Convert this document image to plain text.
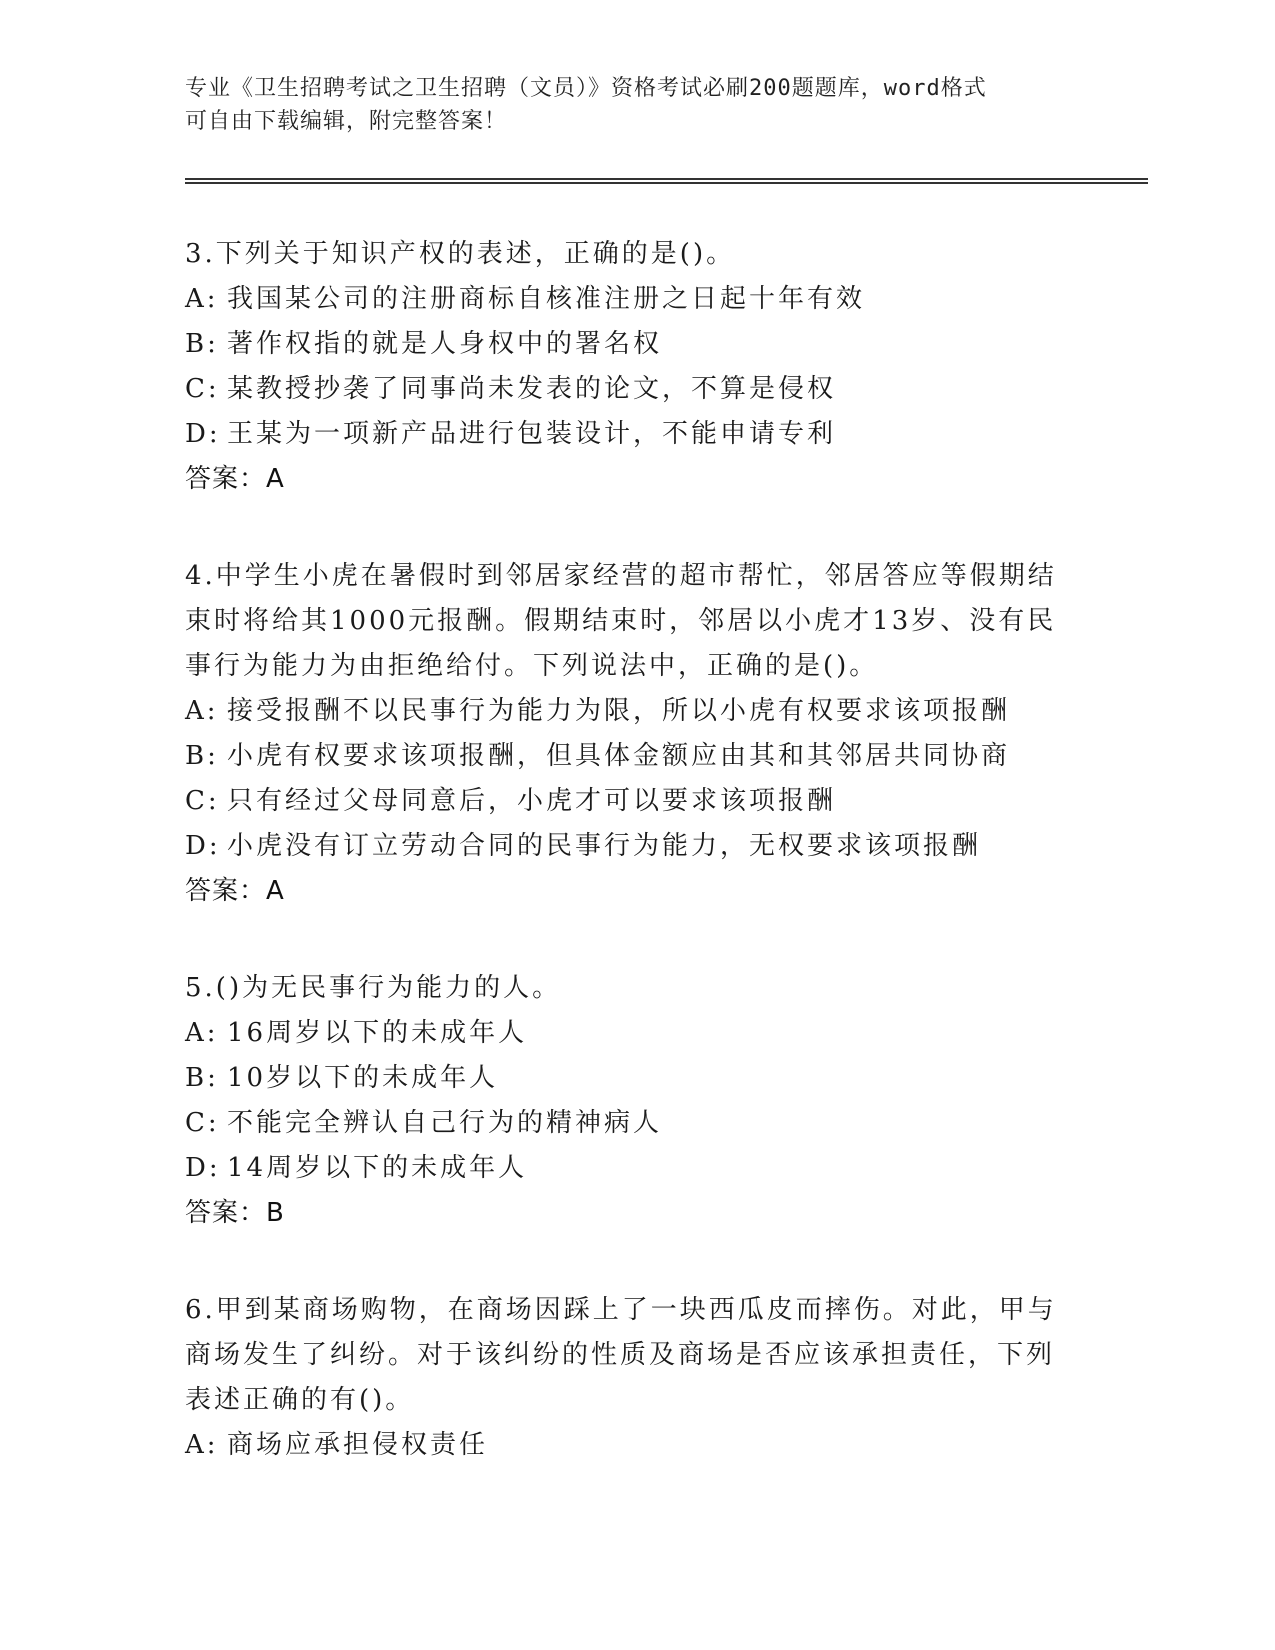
专业《卫生招聘考试之卫生招聘（文员）》资格考试必刷200题题库，word格式
可自由下载编辑，附完整答案！
3.下列关于知识产权的表述，正确的是()。
A: 我国某公司的注册商标自核准注册之日起十年有效
B: 著作权指的就是人身权中的署名权
C: 某教授抄袭了同事尚未发表的论文，不算是侵权
D: 王某为一项新产品进行包装设计，不能申请专利
答案：A
4.中学生小虎在暑假时到邻居家经营的超市帮忙，邻居答应等假期结
束时将给其1000元报酬。假期结束时，邻居以小虎才13岁、没有民
事行为能力为由拒绝给付。下列说法中，正确的是()。
A: 接受报酬不以民事行为能力为限，所以小虎有权要求该项报酬
B: 小虎有权要求该项报酬，但具体金额应由其和其邻居共同协商
C: 只有经过父母同意后，小虎才可以要求该项报酬
D: 小虎没有订立劳动合同的民事行为能力，无权要求该项报酬
答案：A
5.()为无民事行为能力的人。
A: 16周岁以下的未成年人
B: 10岁以下的未成年人
C: 不能完全辨认自己行为的精神病人
D: 14周岁以下的未成年人
答案：B
6.甲到某商场购物，在商场因踩上了一块西瓜皮而摔伤。对此，甲与
商场发生了纠纷。对于该纠纷的性质及商场是否应该承担责任，下列
表述正确的有()。
A: 商场应承担侵权责任
